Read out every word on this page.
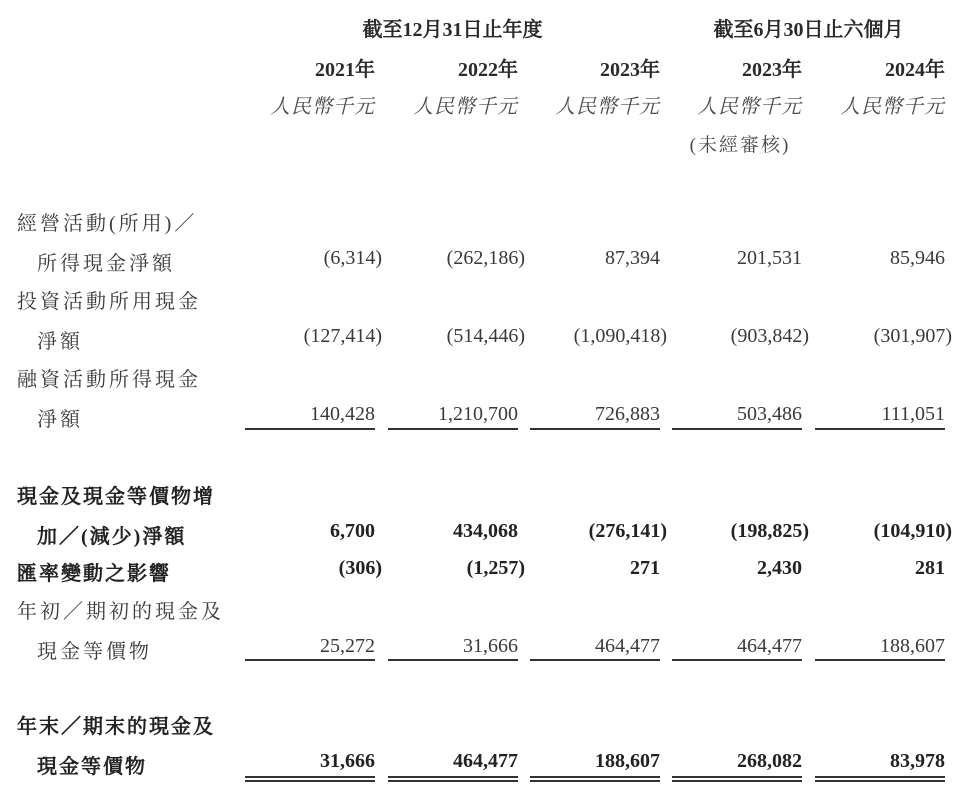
截至12月31日止年度	截至6月30日止六個月
2021年	2022年	2023年	2023年	2024年
人民幣千元	人民幣千元	人民幣千元	人民幣千元	人民幣千元
(未經審核)
經營活動(所用)／
所得現金淨額	(6,314)	(262,186)	87,394	201,531	85,946
投資活動所用現金
淨額	(127,414)	(514,446)	(1,090,418)	(903,842)	(301,907)
融資活動所得現金
淨額	140,428	1,210,700	726,883	503,486	111,051
現金及現金等價物增
加／(減少)淨額	6,700	434,068	(276,141)	(198,825)	(104,910)
匯率變動之影響	(306)	(1,257)	271	2,430	281
年初／期初的現金及
現金等價物	25,272	31,666	464,477	464,477	188,607
年末／期末的現金及
現金等價物	31,666	464,477	188,607	268,082	83,978
